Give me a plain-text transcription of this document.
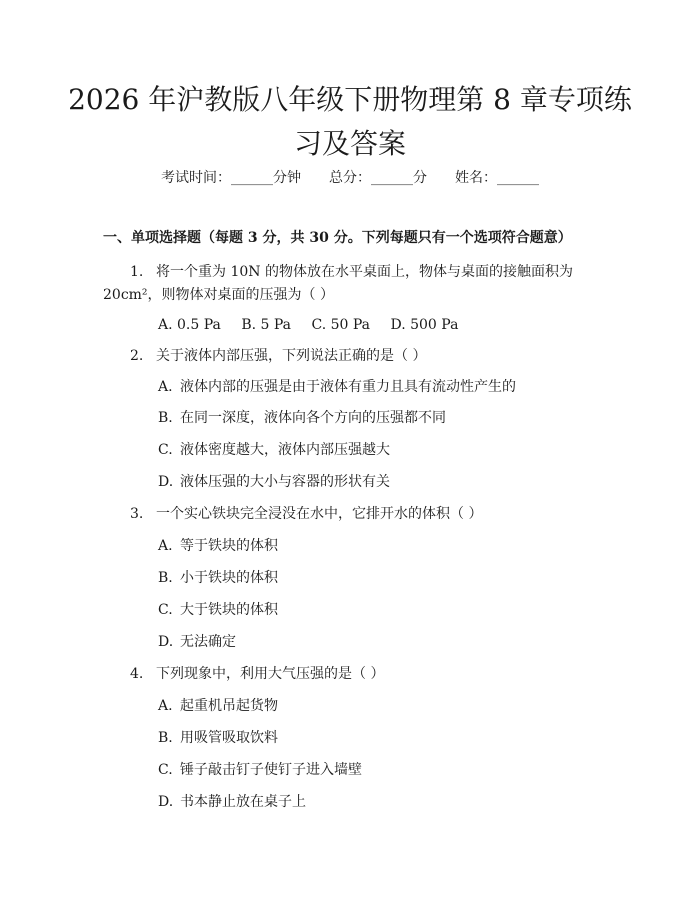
2026 年沪教版八年级下册物理第 8 章专项练
习及答案
考试时间：______分钟 总分：______分 姓名：______
一、单项选择题（每题 3 分，共 30 分。下列每题只有一个选项符合题意）
1. 将一个重为 10N 的物体放在水平桌面上，物体与桌面的接触面积为
20cm²，则物体对桌面的压强为（ ）
A. 0.5 Pa B. 5 Pa C. 50 Pa D. 500 Pa
2. 关于液体内部压强，下列说法正确的是（ ）
A. 液体内部的压强是由于液体有重力且具有流动性产生的
B. 在同一深度，液体向各个方向的压强都不同
C. 液体密度越大，液体内部压强越大
D. 液体压强的大小与容器的形状有关
3. 一个实心铁块完全浸没在水中，它排开水的体积（ ）
A. 等于铁块的体积
B. 小于铁块的体积
C. 大于铁块的体积
D. 无法确定
4. 下列现象中，利用大气压强的是（ ）
A. 起重机吊起货物
B. 用吸管吸取饮料
C. 锤子敲击钉子使钉子进入墙壁
D. 书本静止放在桌子上
